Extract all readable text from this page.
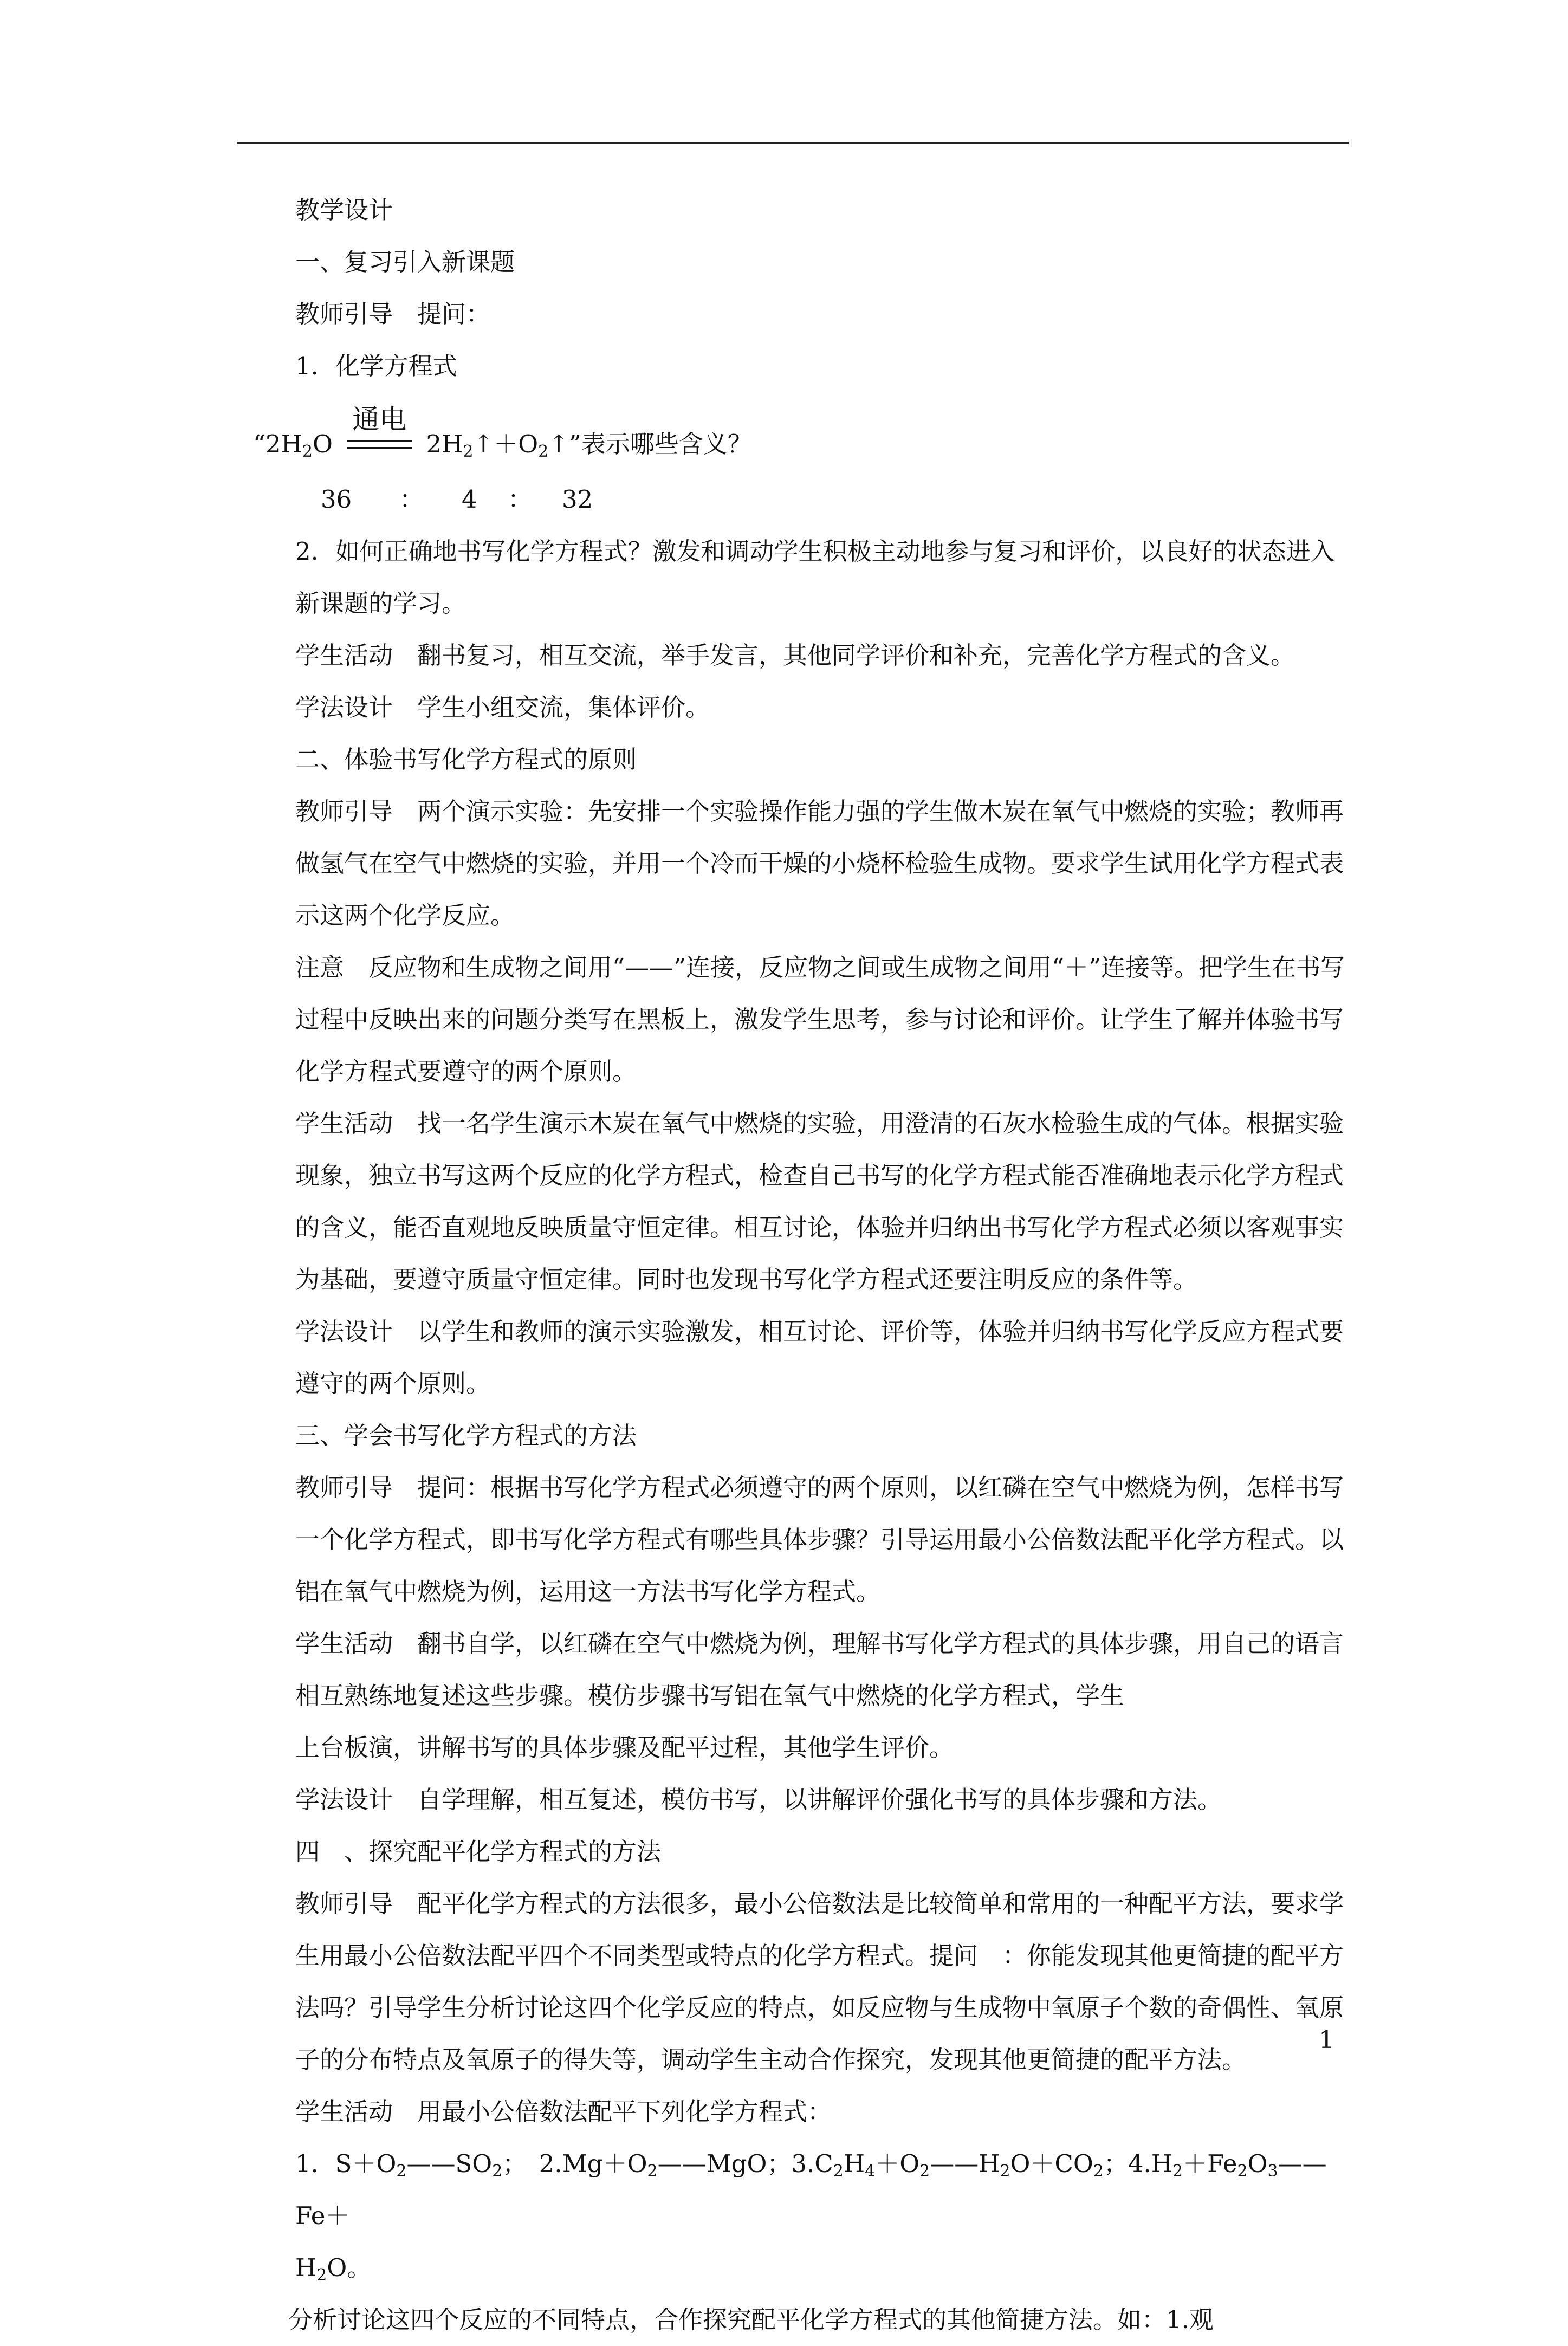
教学设计

一、复习引入新课题

教师引导　提问：

1．化学方程式

“$2H_2O$
通电
$2H_2↑+O_2↑$”表示哪些含义？
36 ： 4 ： 32

2．如何正确地书写化学方程式？激发和调动学生积极主动地参与复习和评价，以良好的状态进入新课题的学习。

学生活动　翻书复习，相互交流，举手发言，其他同学评价和补充，完善化学方程式的含义。

学法设计　学生小组交流，集体评价。

二、体验书写化学方程式的原则

教师引导　两个演示实验：先安排一个实验操作能力强的学生做木炭在氧气中燃烧的实验；教师再做氢气在空气中燃烧的实验，并用一个冷而干燥的小烧杯检验生成物。要求学生试用化学方程式表示这两个化学反应。

注意　反应物和生成物之间用“——”连接，反应物之间或生成物之间用“＋”连接等。把学生在书写过程中反映出来的问题分类写在黑板上，激发学生思考，参与讨论和评价。让学生了解并体验书写化学方程式要遵守的两个原则。

学生活动　找一名学生演示木炭在氧气中燃烧的实验，用澄清的石灰水检验生成的气体。根据实验现象，独立书写这两个反应的化学方程式，检查自己书写的化学方程式能否准确地表示化学方程式的含义，能否直观地反映质量守恒定律。相互讨论，体验并归纳出书写化学方程式必须以客观事实为基础，要遵守质量守恒定律。同时也发现书写化学方程式还要注明反应的条件等。

学法设计　以学生和教师的演示实验激发，相互讨论、评价等，体验并归纳书写化学反应方程式要遵守的两个原则。

三、学会书写化学方程式的方法

教师引导　提问：根据书写化学方程式必须遵守的两个原则，以红磷在空气中燃烧为例，怎样书写一个化学方程式，即书写化学方程式有哪些具体步骤？引导运用最小公倍数法配平化学方程式。以铝在氧气中燃烧为例，运用这一方法书写化学方程式。

学生活动　翻书自学，以红磷在空气中燃烧为例，理解书写化学方程式的具体步骤，用自己的语言相互熟练地复述这些步骤。模仿步骤书写铝在氧气中燃烧的化学方程式，学生

上台板演，讲解书写的具体步骤及配平过程，其他学生评价。

学法设计　自学理解，相互复述，模仿书写，以讲解评价强化书写的具体步骤和方法。

四　、探究配平化学方程式的方法

教师引导　配平化学方程式的方法很多，最小公倍数法是比较简单和常用的一种配平方法，要求学生用最小公倍数法配平四个不同类型或特点的化学方程式。提问　：你能发现其他更简捷的配平方法吗？引导学生分析讨论这四个化学反应的特点，如反应物与生成物中氧原子个数的奇偶性、氧原子的分布特点及氧原子的得失等，调动学生主动合作探究，发现其他更简捷的配平方法。

学生活动　用最小公倍数法配平下列化学方程式：

1．$S+O_2——SO_2$；　$2.Mg+O_2——MgO$；$3.C_2H_4+O_2——H_2O+CO_2$；$4.H_2+Fe_2O_3——Fe+$
$H_2O$。

分析讨论这四个反应的不同特点，合作探究配平化学方程式的其他简捷方法。如：1.观

1
